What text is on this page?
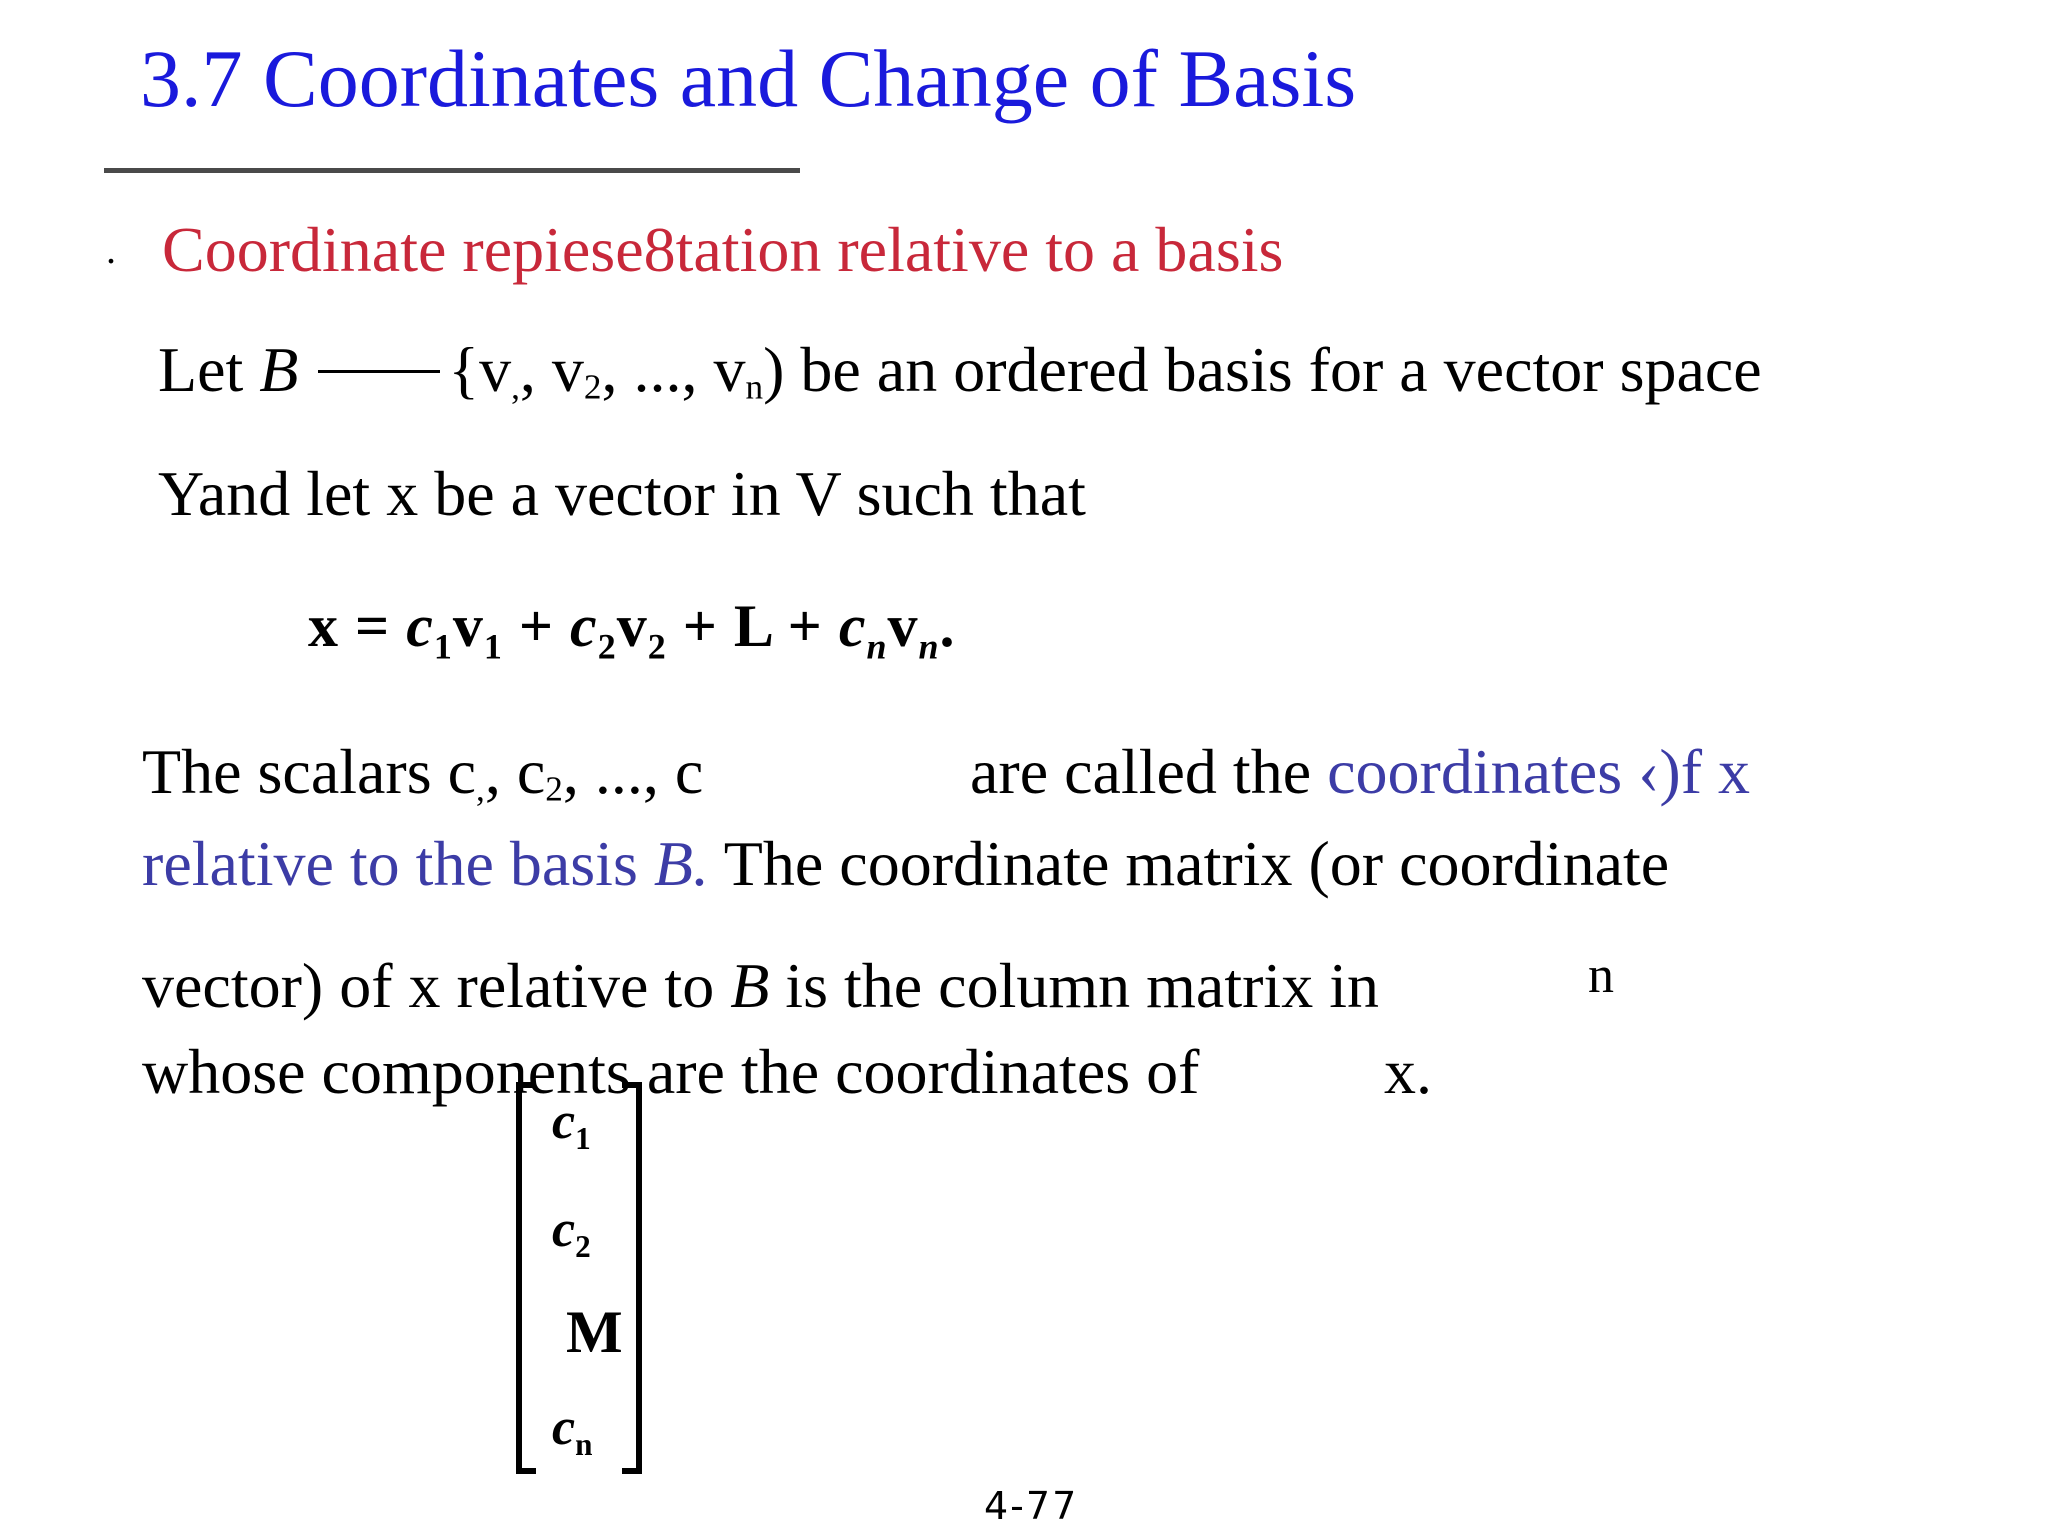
3.7 Coordinates and Change of Basis
. Coordinate repiese8tation relative to a basis
Let B {$v_,$, $v_2$, ..., $v_n$) be an ordered basis for a vector space
Yand let x be a vector in V such that
$x = c_1v_1 + c_2v_2 + L + c_nv_n$.
The scalars $c_,$, $c_2$, ..., c	are called the coordinates ‹)f x
relative to the basis B. The coordinate matrix (or coordinate
vector) of x relative to B is the column matrix in	n
whose components are the coordinates of	x.
$c_1$
$c_2$
M
$c_n$
4-77
